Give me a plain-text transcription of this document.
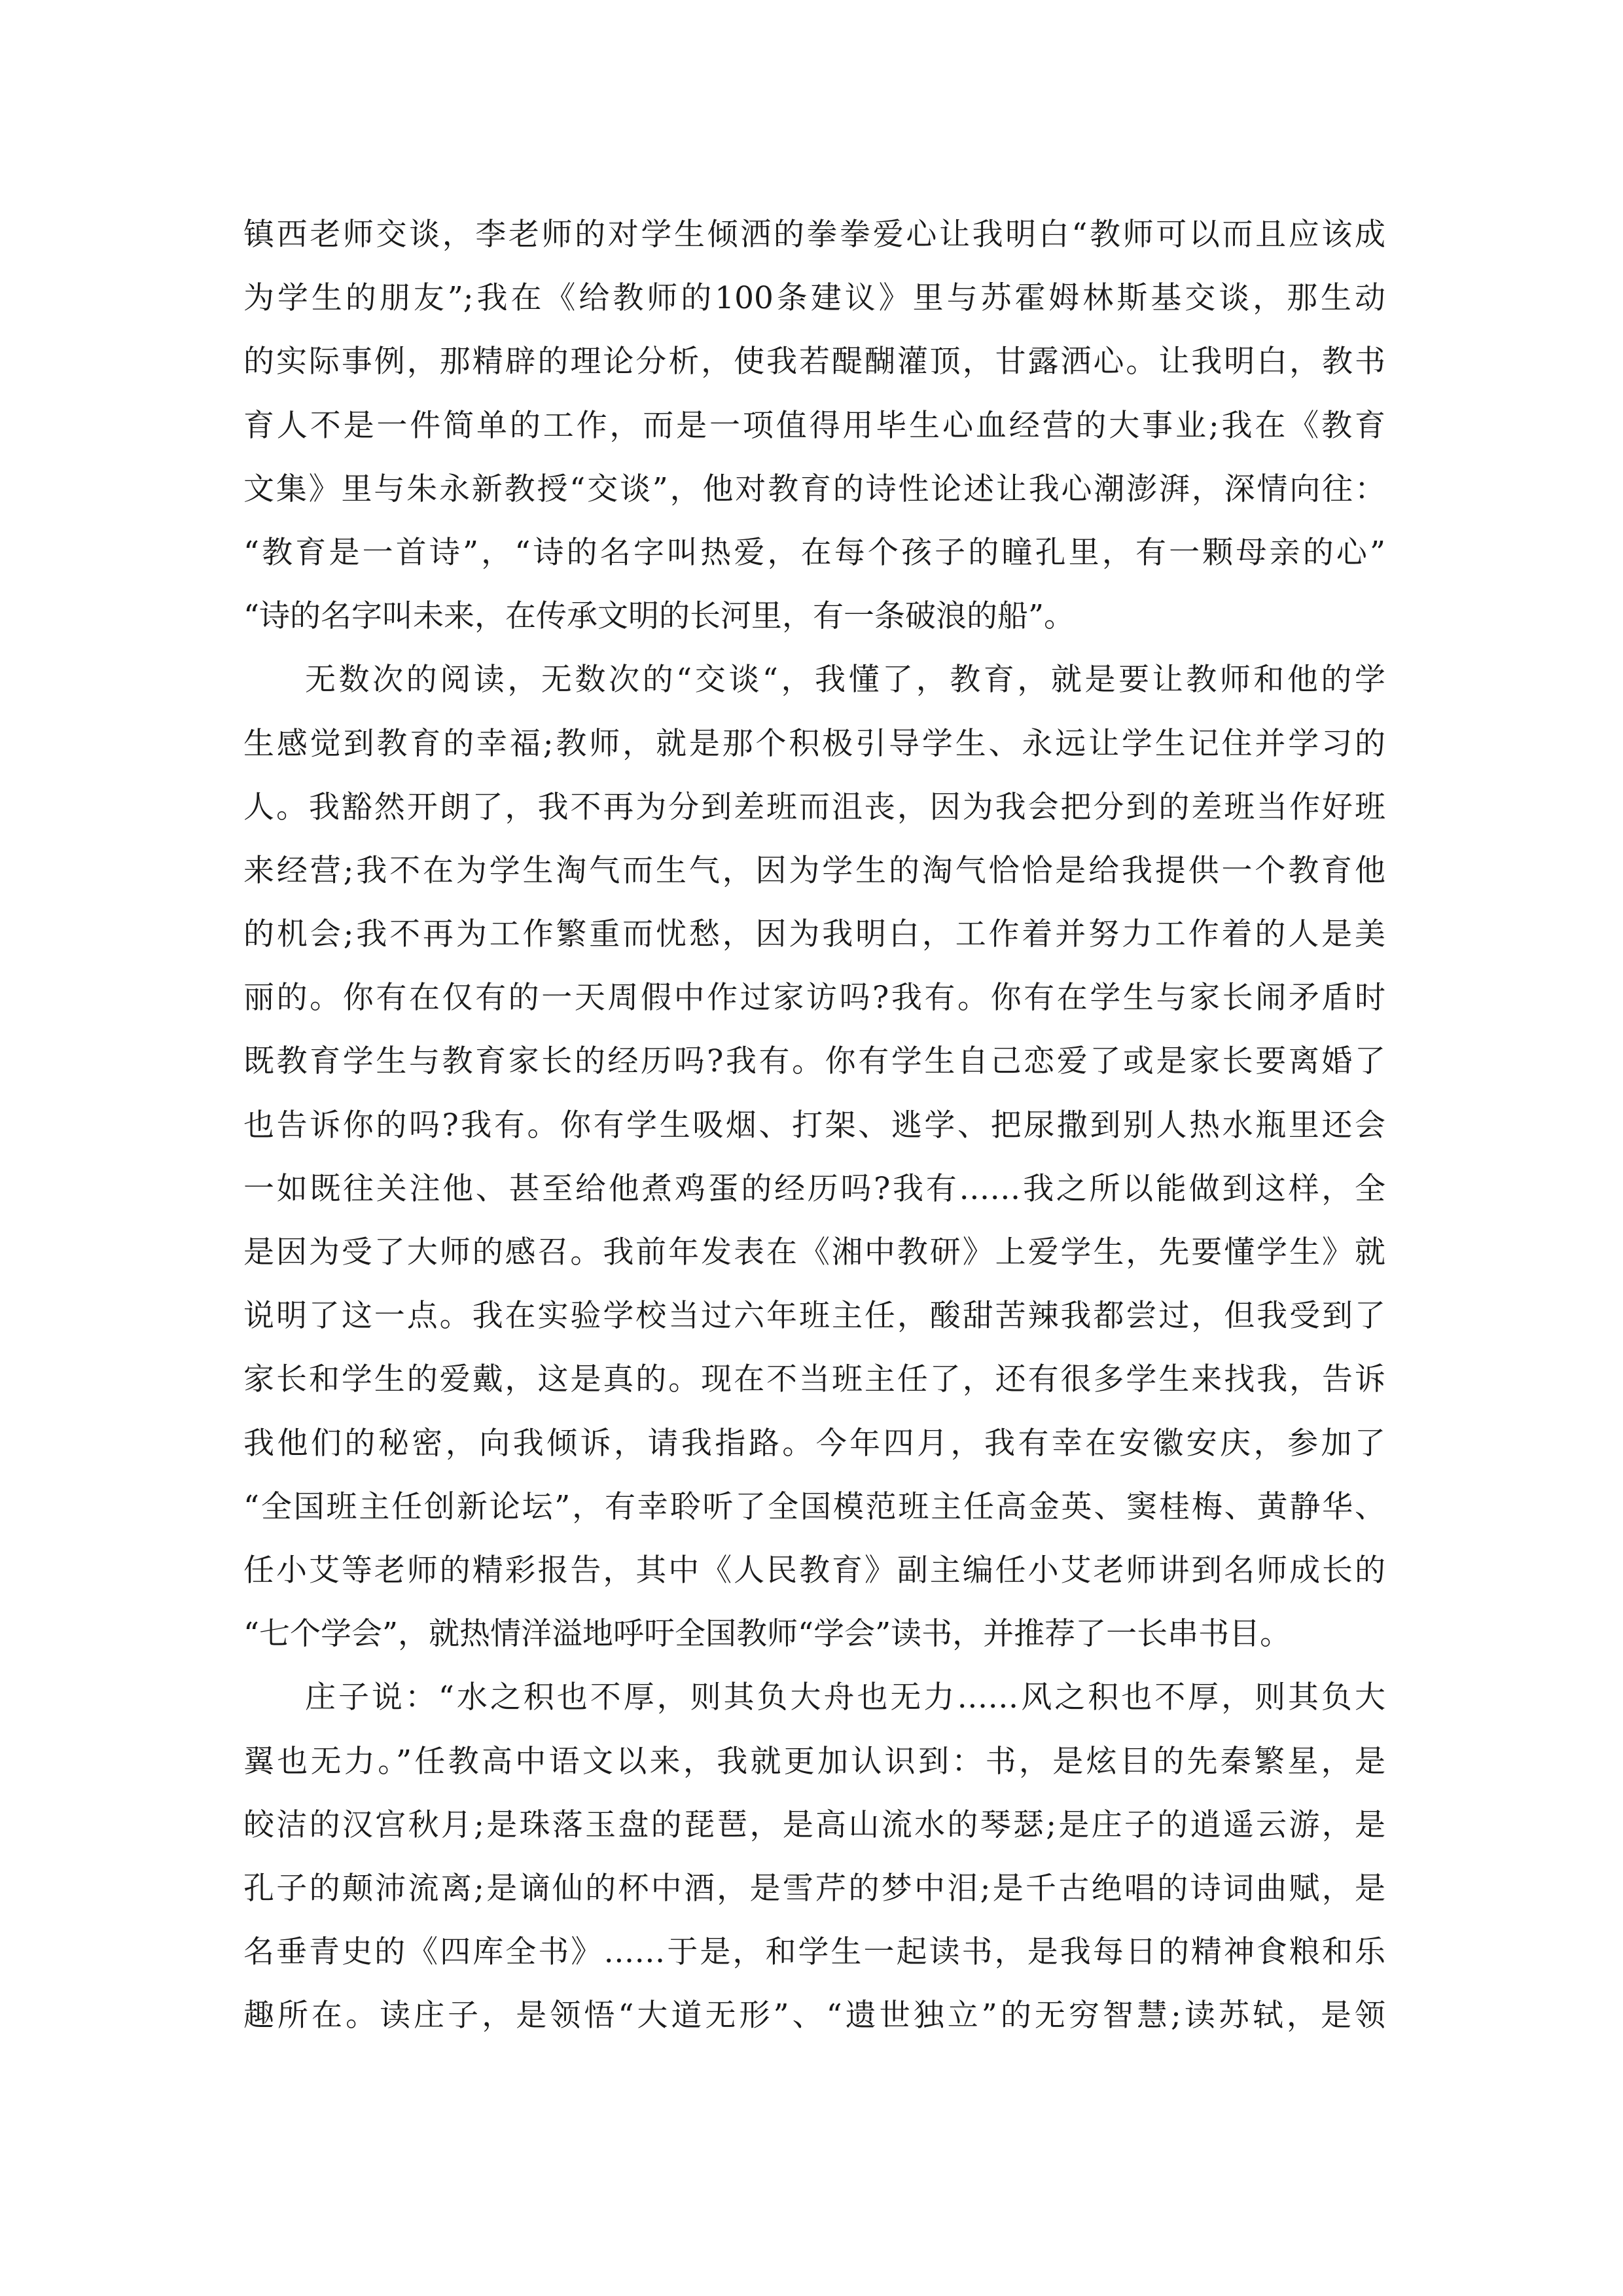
镇西老师交谈，李老师的对学生倾洒的拳拳爱心让我明白“教师可以而且应该成
为学生的朋友”;我在《给教师的100条建议》里与苏霍姆林斯基交谈，那生动
的实际事例，那精辟的理论分析，使我若醍醐灌顶，甘露洒心。让我明白，教书
育人不是一件简单的工作，而是一项值得用毕生心血经营的大事业;我在《教育
文集》里与朱永新教授“交谈”，他对教育的诗性论述让我心潮澎湃，深情向往：
“教育是一首诗”，“诗的名字叫热爱，在每个孩子的瞳孔里，有一颗母亲的心”
“诗的名字叫未来，在传承文明的长河里，有一条破浪的船”。
无数次的阅读，无数次的“交谈“，我懂了，教育，就是要让教师和他的学
生感觉到教育的幸福;教师，就是那个积极引导学生、永远让学生记住并学习的
人。我豁然开朗了，我不再为分到差班而沮丧，因为我会把分到的差班当作好班
来经营;我不在为学生淘气而生气，因为学生的淘气恰恰是给我提供一个教育他
的机会;我不再为工作繁重而忧愁，因为我明白，工作着并努力工作着的人是美
丽的。你有在仅有的一天周假中作过家访吗?我有。你有在学生与家长闹矛盾时
既教育学生与教育家长的经历吗?我有。你有学生自己恋爱了或是家长要离婚了
也告诉你的吗?我有。你有学生吸烟、打架、逃学、把尿撒到别人热水瓶里还会
一如既往关注他、甚至给他煮鸡蛋的经历吗?我有……我之所以能做到这样，全
是因为受了大师的感召。我前年发表在《湘中教研》上爱学生，先要懂学生》就
说明了这一点。我在实验学校当过六年班主任，酸甜苦辣我都尝过，但我受到了
家长和学生的爱戴，这是真的。现在不当班主任了，还有很多学生来找我，告诉
我他们的秘密，向我倾诉，请我指路。今年四月，我有幸在安徽安庆，参加了
“全国班主任创新论坛”，有幸聆听了全国模范班主任高金英、窦桂梅、黄静华、
任小艾等老师的精彩报告，其中《人民教育》副主编任小艾老师讲到名师成长的
“七个学会”，就热情洋溢地呼吁全国教师“学会”读书，并推荐了一长串书目。
庄子说：“水之积也不厚，则其负大舟也无力……风之积也不厚，则其负大
翼也无力。”任教高中语文以来，我就更加认识到：书，是炫目的先秦繁星，是
皎洁的汉宫秋月;是珠落玉盘的琵琶，是高山流水的琴瑟;是庄子的逍遥云游，是
孔子的颠沛流离;是谪仙的杯中酒，是雪芹的梦中泪;是千古绝唱的诗词曲赋，是
名垂青史的《四库全书》……于是，和学生一起读书，是我每日的精神食粮和乐
趣所在。读庄子，是领悟“大道无形”、“遗世独立”的无穷智慧;读苏轼，是领
